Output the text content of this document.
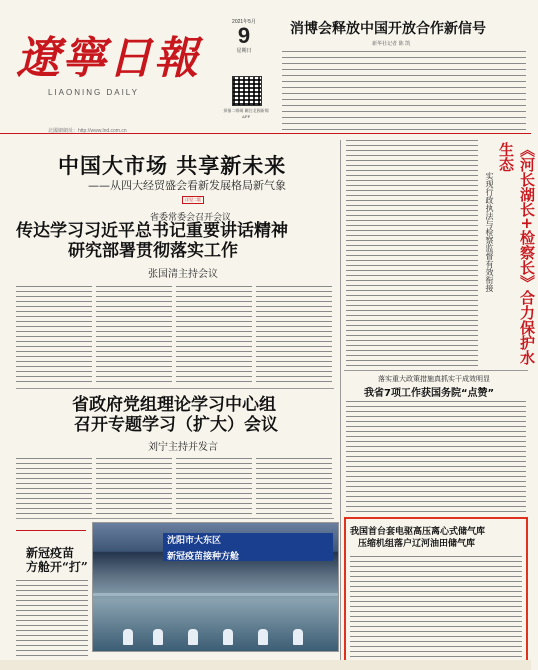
遼寧日報
LIAONING DAILY
北國網網址：http://www.lnd.com.cn
2021年5月
9
星期日
掃描二維碼 關注北國新聞APP
消博会释放中国开放合作新信号
新华社记者 陈 凯
中国大市场 共享新未来
——从四大经贸盛会看新发展格局新气象
详见二版
省委常委会召开会议
传达学习习近平总书记重要讲话精神
研究部署贯彻落实工作
张国清主持会议
省政府党组理论学习中心组
召开专题学习（扩大）会议
刘宁主持并发言
新冠疫苗
方舱开“打”
沈阳市大东区
新冠疫苗接种方舱
《河长湖长+检察长》合力保护水生态
实现行政执法与检察监督有效衔接
落实重大政策措施真抓实干成效明显
我省7项工作获国务院“点赞”
我国首台套电驱高压离心式储气库
压缩机组落户辽河油田储气库
